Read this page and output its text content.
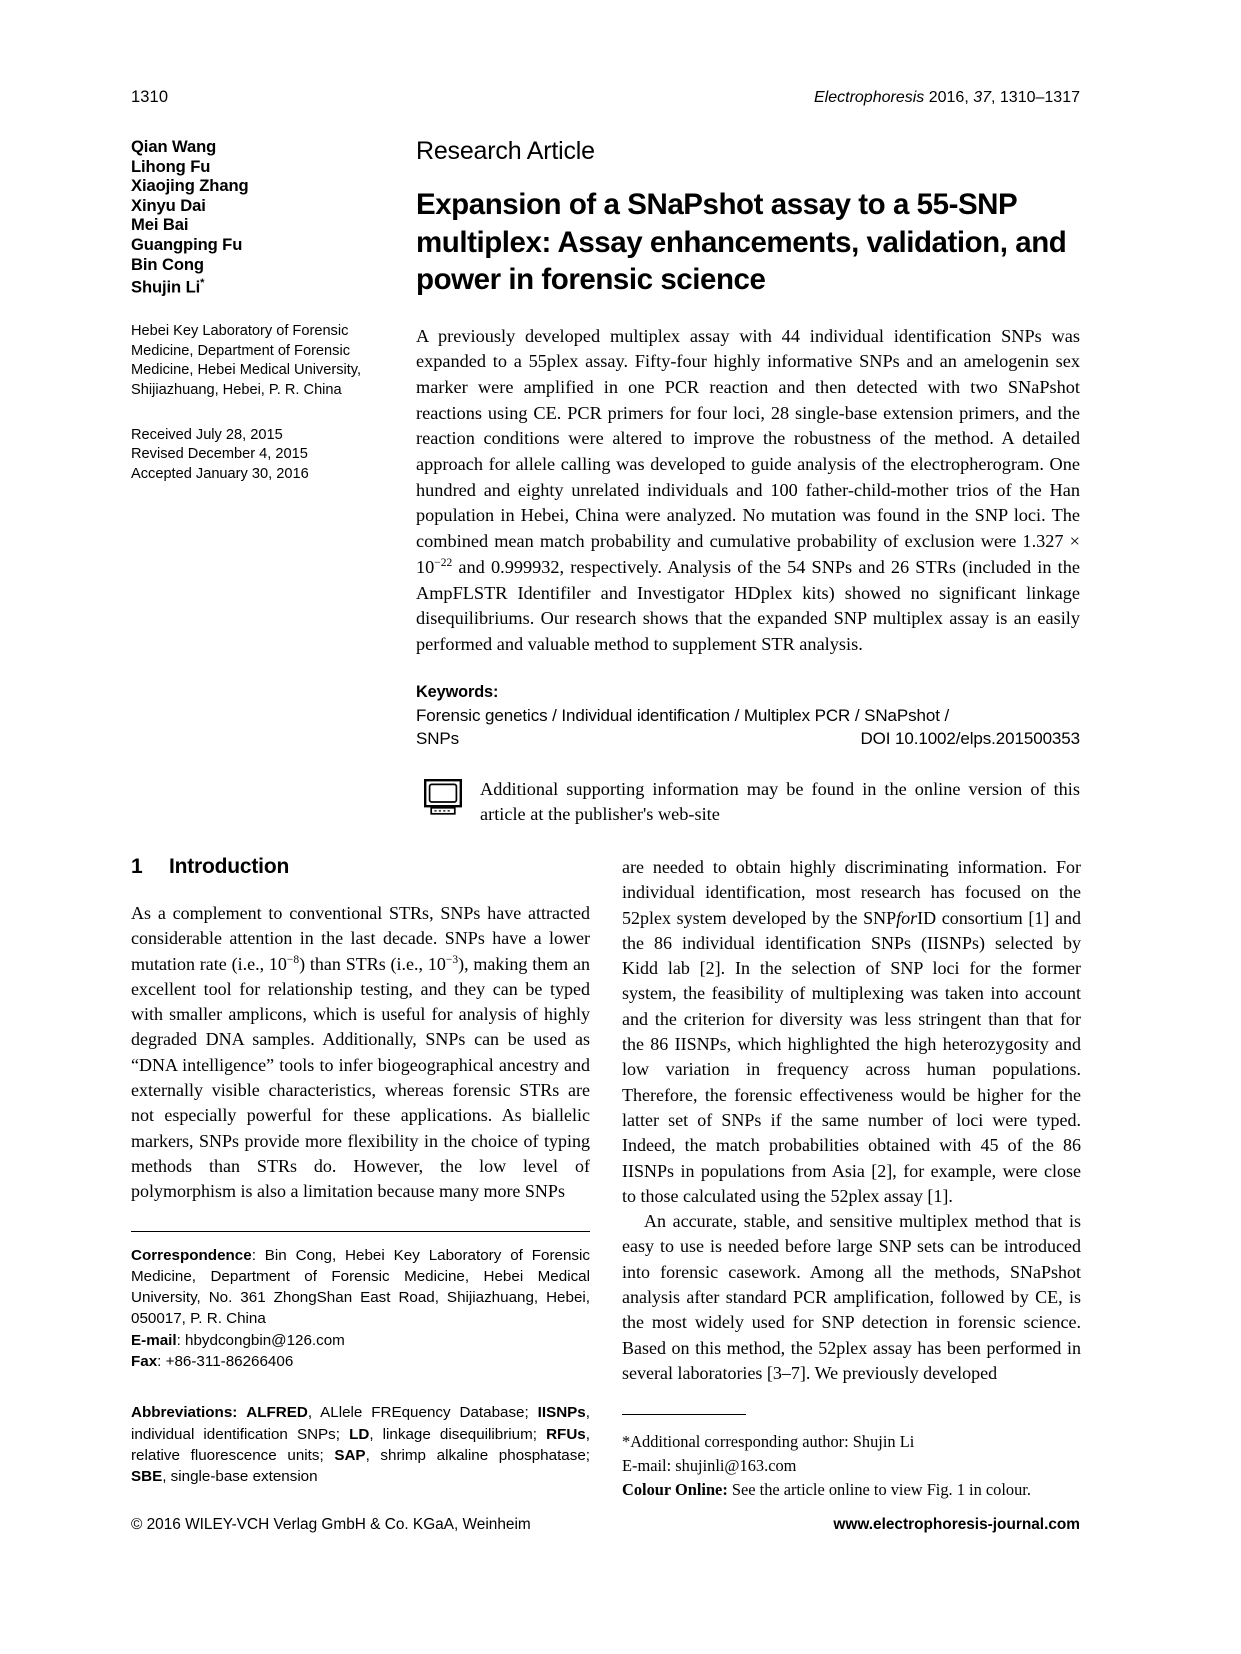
1310	Electrophoresis 2016, 37, 1310–1317
Qian Wang
Lihong Fu
Xiaojing Zhang
Xinyu Dai
Mei Bai
Guangping Fu
Bin Cong
Shujin Li*
Hebei Key Laboratory of Forensic Medicine, Department of Forensic Medicine, Hebei Medical University, Shijiazhuang, Hebei, P. R. China
Received July 28, 2015
Revised December 4, 2015
Accepted January 30, 2016
Research Article
Expansion of a SNaPshot assay to a 55-SNP multiplex: Assay enhancements, validation, and power in forensic science
A previously developed multiplex assay with 44 individual identification SNPs was expanded to a 55plex assay. Fifty-four highly informative SNPs and an amelogenin sex marker were amplified in one PCR reaction and then detected with two SNaPshot reactions using CE. PCR primers for four loci, 28 single-base extension primers, and the reaction conditions were altered to improve the robustness of the method. A detailed approach for allele calling was developed to guide analysis of the electropherogram. One hundred and eighty unrelated individuals and 100 father-child-mother trios of the Han population in Hebei, China were analyzed. No mutation was found in the SNP loci. The combined mean match probability and cumulative probability of exclusion were $1.327 \times 10^{-22}$ and 0.999932, respectively. Analysis of the 54 SNPs and 26 STRs (included in the AmpFLSTR Identifiler and Investigator HDplex kits) showed no significant linkage disequilibriums. Our research shows that the expanded SNP multiplex assay is an easily performed and valuable method to supplement STR analysis.
Keywords:
Forensic genetics / Individual identification / Multiplex PCR / SNaPshot /
SNPs	DOI 10.1002/elps.201500353
Additional supporting information may be found in the online version of this article at the publisher's web-site
1	Introduction

As a complement to conventional STRs, SNPs have attracted considerable attention in the last decade. SNPs have a lower mutation rate (i.e., $10^{-8}$) than STRs (i.e., $10^{-3}$), making them an excellent tool for relationship testing, and they can be typed with smaller amplicons, which is useful for analysis of highly degraded DNA samples. Additionally, SNPs can be used as “DNA intelligence” tools to infer biogeographical ancestry and externally visible characteristics, whereas forensic STRs are not especially powerful for these applications. As biallelic markers, SNPs provide more flexibility in the choice of typing methods than STRs do. However, the low level of polymorphism is also a limitation because many more SNPs

Correspondence: Bin Cong, Hebei Key Laboratory of Forensic Medicine, Department of Forensic Medicine, Hebei Medical University, No. 361 ZhongShan East Road, Shijiazhuang, Hebei, 050017, P. R. China
E-mail: hbydcongbin@126.com
Fax: +86-311-86266406
Abbreviations: ALFRED, ALlele FREquency Database; IISNPs, individual identification SNPs; LD, linkage disequilibrium; RFUs, relative fluorescence units; SAP, shrimp alkaline phosphatase; SBE, single-base extension

are needed to obtain highly discriminating information. For individual identification, most research has focused on the 52plex system developed by the SNPforID consortium [1] and the 86 individual identification SNPs (IISNPs) selected by Kidd lab [2]. In the selection of SNP loci for the former system, the feasibility of multiplexing was taken into account and the criterion for diversity was less stringent than that for the 86 IISNPs, which highlighted the high heterozygosity and low variation in frequency across human populations. Therefore, the forensic effectiveness would be higher for the latter set of SNPs if the same number of loci were typed. Indeed, the match probabilities obtained with 45 of the 86 IISNPs in populations from Asia [2], for example, were close to those calculated using the 52plex assay [1].

An accurate, stable, and sensitive multiplex method that is easy to use is needed before large SNP sets can be introduced into forensic casework. Among all the methods, SNaPshot analysis after standard PCR amplification, followed by CE, is the most widely used for SNP detection in forensic science. Based on this method, the 52plex assay has been performed in several laboratories [3–7]. We previously developed

*Additional corresponding author: Shujin Li
E-mail: shujinli@163.com
Colour Online: See the article online to view Fig. 1 in colour.
© 2016 WILEY-VCH Verlag GmbH & Co. KGaA, Weinheim	www.electrophoresis-journal.com
